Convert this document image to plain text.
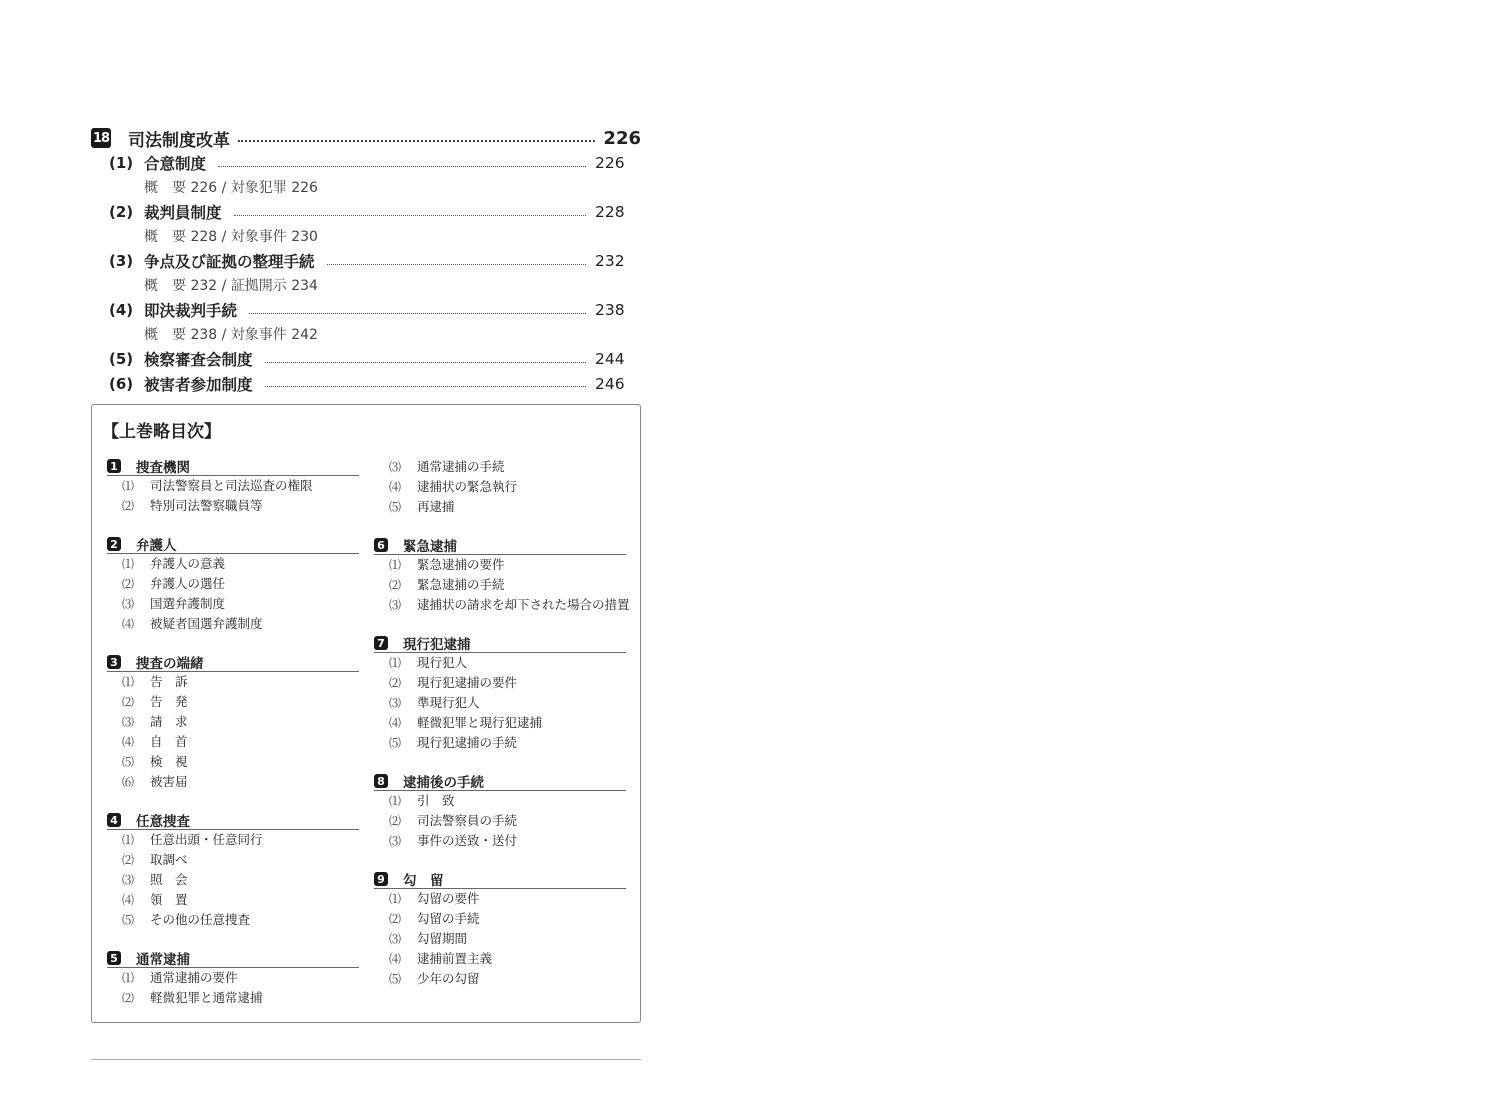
18 司法制度改革	226
(1) 合意制度	226
概　要 226 / 対象犯罪 226
(2) 裁判員制度	228
概　要 228 / 対象事件 230
(3) 争点及び証拠の整理手続	232
概　要 232 / 証拠開示 234
(4) 即決裁判手続	238
概　要 238 / 対象事件 242
(5) 検察審査会制度	244
(6) 被害者参加制度	246
【上巻略目次】
1 捜査機関
⑴ 司法警察員と司法巡査の権限
⑵ 特別司法警察職員等
2 弁護人
⑴ 弁護人の意義
⑵ 弁護人の選任
⑶ 国選弁護制度
⑷ 被疑者国選弁護制度
3 捜査の端緒
⑴ 告　訴
⑵ 告　発
⑶ 請　求
⑷ 自　首
⑸ 検　視
⑹ 被害届
4 任意捜査
⑴ 任意出頭・任意同行
⑵ 取調べ
⑶ 照　会
⑷ 領　置
⑸ その他の任意捜査
5 通常逮捕
⑴ 通常逮捕の要件
⑵ 軽微犯罪と通常逮捕
⑶ 通常逮捕の手続
⑷ 逮捕状の緊急執行
⑸ 再逮捕
6 緊急逮捕
⑴ 緊急逮捕の要件
⑵ 緊急逮捕の手続
⑶ 逮捕状の請求を却下された場合の措置
7 現行犯逮捕
⑴ 現行犯人
⑵ 現行犯逮捕の要件
⑶ 準現行犯人
⑷ 軽微犯罪と現行犯逮捕
⑸ 現行犯逮捕の手続
8 逮捕後の手続
⑴ 引　致
⑵ 司法警察員の手続
⑶ 事件の送致・送付
9 勾　留
⑴ 勾留の要件
⑵ 勾留の手続
⑶ 勾留期間
⑷ 逮捕前置主義
⑸ 少年の勾留
